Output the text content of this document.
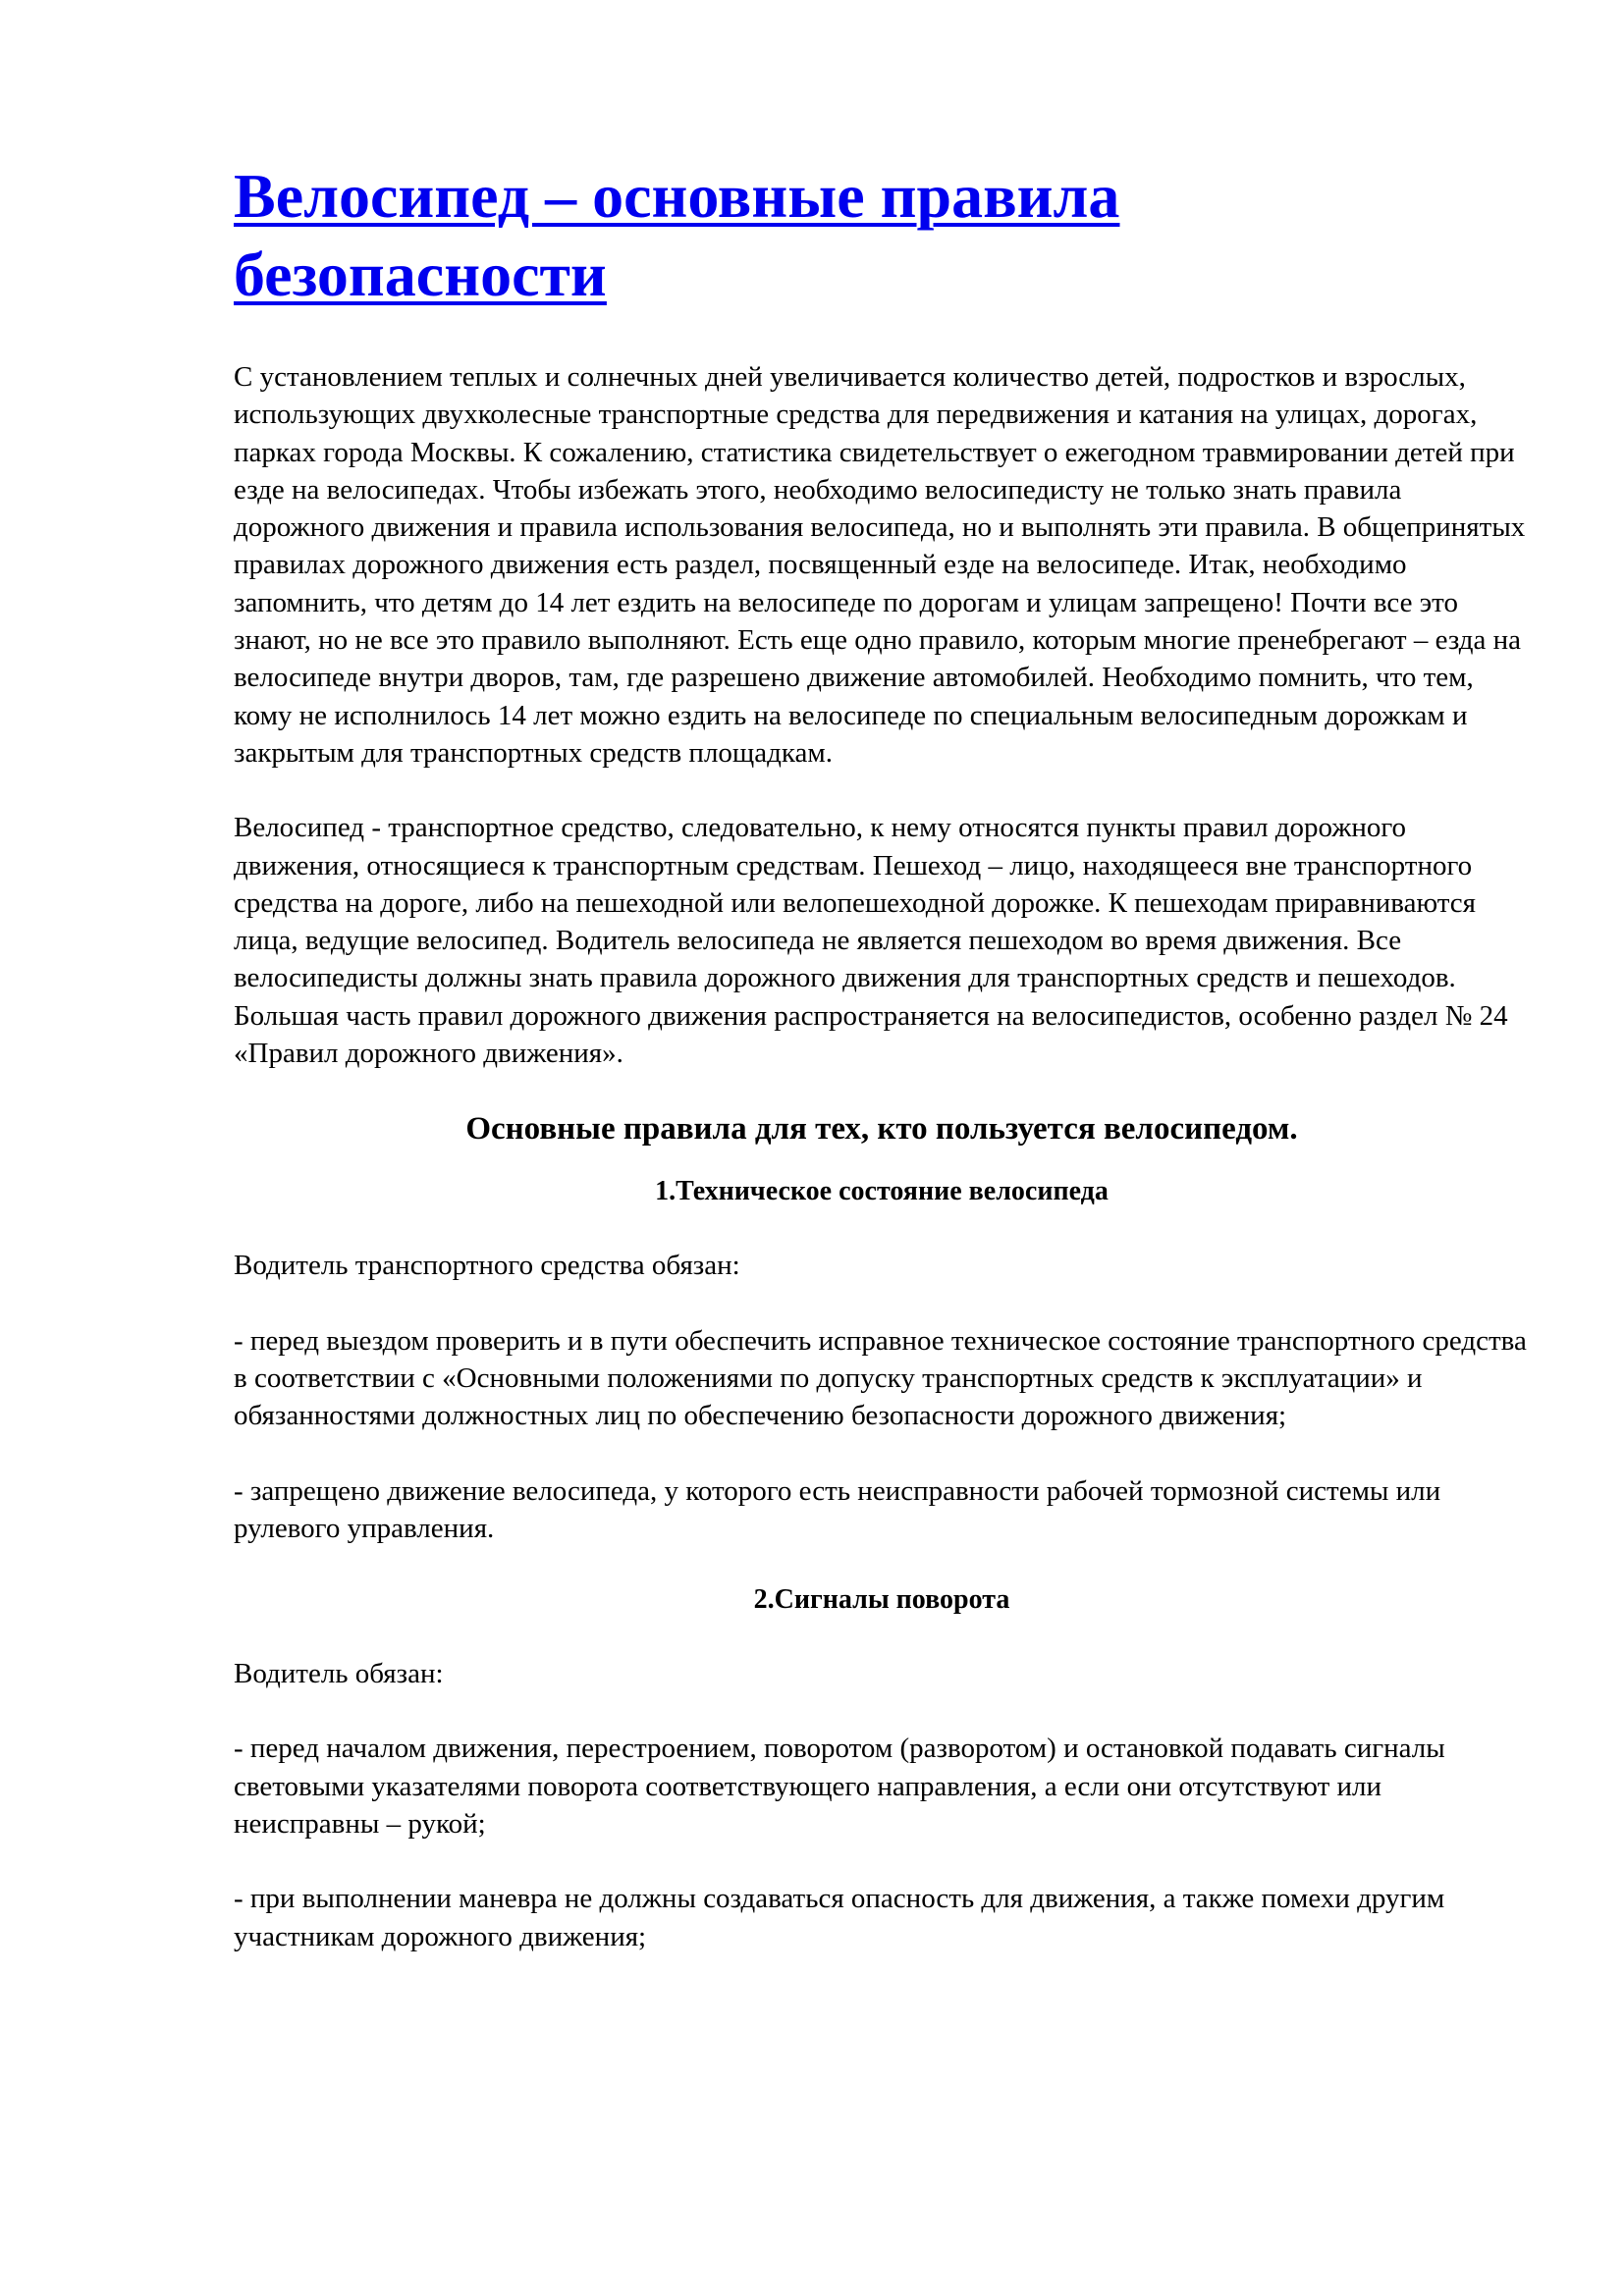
Велосипед – основные правила безопасности

С установлением теплых и солнечных дней увеличивается количество детей, подростков и взрослых, использующих двухколесные транспортные средства для передвижения и катания на улицах, дорогах, парках города Москвы. К сожалению, статистика свидетельствует о ежегодном травмировании детей при езде на велосипедах. Чтобы избежать этого, необходимо велосипедисту не только знать правила дорожного движения и правила использования велосипеда, но и выполнять эти правила. В общепринятых правилах дорожного движения есть раздел, посвященный езде на велосипеде. Итак, необходимо запомнить, что детям до 14 лет ездить на велосипеде по дорогам и улицам запрещено! Почти все это знают, но не все это правило выполняют. Есть еще одно правило, которым многие пренебрегают – езда на велосипеде внутри дворов, там, где разрешено движение автомобилей. Необходимо помнить, что тем, кому не исполнилось 14 лет можно ездить на велосипеде по специальным велосипедным дорожкам и закрытым для транспортных средств площадкам.

Велосипед - транспортное средство, следовательно, к нему относятся пункты правил дорожного движения, относящиеся к транспортным средствам. Пешеход – лицо, находящееся вне транспортного средства на дороге, либо на пешеходной или велопешеходной дорожке. К пешеходам приравниваются лица, ведущие велосипед. Водитель велосипеда не является пешеходом во время движения. Все велосипедисты должны знать правила дорожного движения для транспортных средств и пешеходов. Большая часть правил дорожного движения распространяется на велосипедистов, особенно раздел № 24 «Правил дорожного движения».

Основные правила для тех, кто пользуется велосипедом.
1.Техническое состояние велосипеда

Водитель транспортного средства обязан:

- перед выездом проверить и в пути обеспечить исправное техническое состояние транспортного средства в соответствии с «Основными положениями по допуску транспортных средств к эксплуатации» и обязанностями должностных лиц по обеспечению безопасности дорожного движения;

- запрещено движение велосипеда, у которого есть неисправности рабочей тормозной системы или рулевого управления.

2.Сигналы поворота

Водитель обязан:

- перед началом движения, перестроением, поворотом (разворотом) и остановкой подавать сигналы световыми указателями поворота соответствующего направления, а если они отсутствуют или неисправны – рукой;

- при выполнении маневра не должны создаваться опасность для движения, а также помехи другим участникам дорожного движения;
